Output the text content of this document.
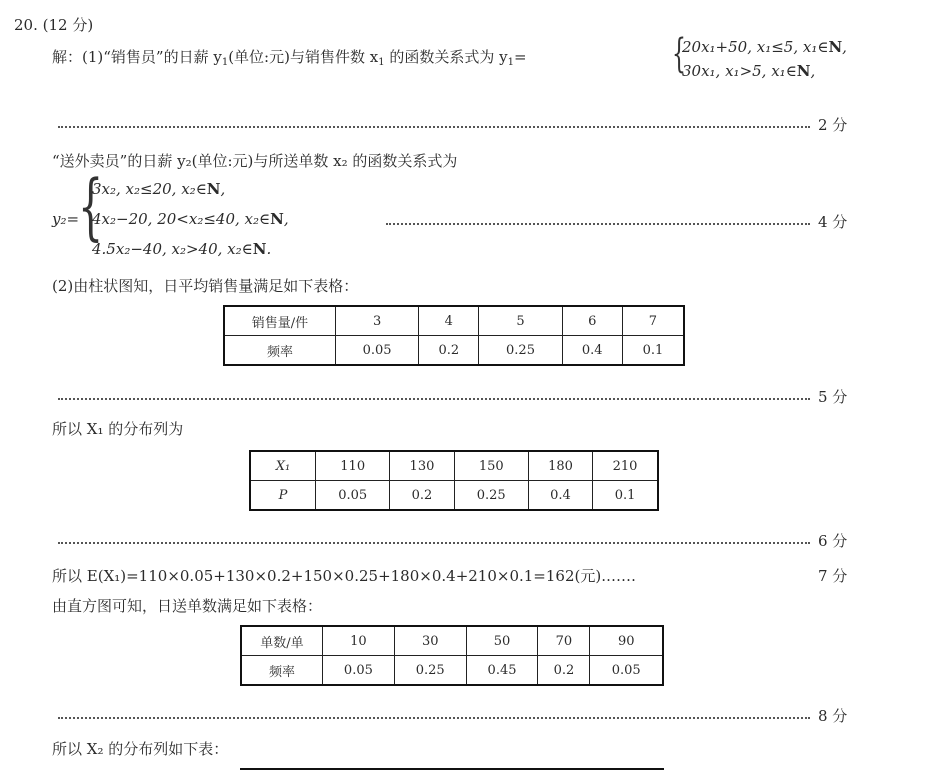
20. (12 分)
解：(1)“销售员”的日薪 $y_1$(单位:元)与销售件数 $x_1$ 的函数关系式为 $y_1=$	{
20x₁+50, x₁≤5, x₁∈N,
30x₁, x₁>5, x₁∈N,
2 分
“送外卖员”的日薪 y₂(单位:元)与所送单数 x₂ 的函数关系式为
y₂=
{
3x₂, x₂≤20, x₂∈N,
4x₂−20, 20<x₂≤40, x₂∈N,
4.5x₂−40, x₂>40, x₂∈N.
4 分
(2)由柱状图知，日平均销售量满足如下表格：
销售量/件	3	4	5	6	7
频率	0.05	0.2	0.25	0.4	0.1
5 分
所以 X₁ 的分布列为
X₁	110	130	150	180	210
P	0.05	0.2	0.25	0.4	0.1
6 分
所以 E(X₁)=110×0.05+130×0.2+150×0.25+180×0.4+210×0.1=162(元).……	7 分
由直方图可知，日送单数满足如下表格：
单数/单	10	30	50	70	90
频率	0.05	0.25	0.45	0.2	0.05
8 分
所以 X₂ 的分布列如下表：
